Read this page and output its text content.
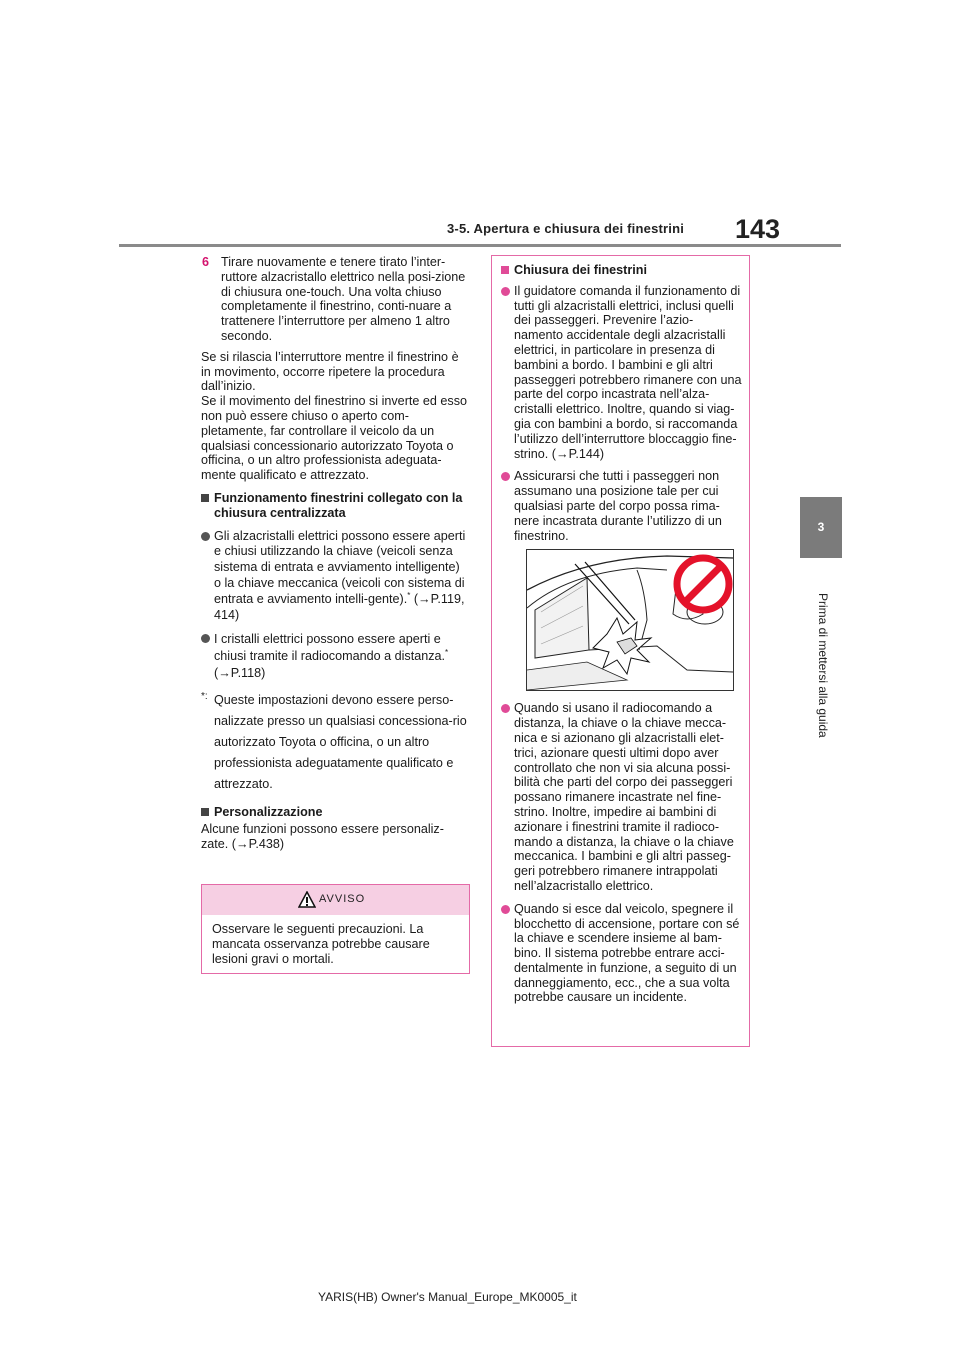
143
3-5. Apertura e chiusura dei finestrini
3
Prima di mettersi alla guida
6 Tirare nuovamente e tenere tirato l’inter-ruttore alzacristallo elettrico nella posi-zione di chiusura one-touch. Una volta chiuso completamente il finestrino, conti-nuare a trattenere l’interruttore per almeno 1 altro secondo.

Se si rilascia l’interruttore mentre il finestrino è in movimento, occorre ripetere la procedura dall’inizio.

Se il movimento del finestrino si inverte ed esso non può essere chiuso o aperto com-pletamente, far controllare il veicolo da un qualsiasi concessionario autorizzato Toyota o officina, o un altro professionista adeguata-mente qualificato e attrezzato.

Funzionamento finestrini collegato con la chiusura centralizzata
Gli alzacristalli elettrici possono essere aperti e chiusi utilizzando la chiave (veicoli senza sistema di entrata e avviamento intelligente) o la chiave meccanica (veicoli con sistema di entrata e avviamento intelli-gente).* (→P.119, 414)
I cristalli elettrici possono essere aperti e chiusi tramite il radiocomando a distanza.*
(→P.118)
*: Queste impostazioni devono essere perso-nalizzate presso un qualsiasi concessiona-rio autorizzato Toyota o officina, o un altro professionista adeguatamente qualificato e attrezzato.
Personalizzazione

Alcune funzioni possono essere personaliz-zate. (→P.438)

AVVISO
Osservare le seguenti precauzioni. La mancata osservanza potrebbe causare lesioni gravi o mortali.
Chiusura dei finestrini
Il guidatore comanda il funzionamento di tutti gli alzacristalli elettrici, inclusi quelli dei passeggeri. Prevenire l’azio-namento accidentale degli alzacristalli elettrici, in particolare in presenza di bambini a bordo. I bambini e gli altri passeggeri potrebbero rimanere con una parte del corpo incastrata nell’alza-cristalli elettrico. Inoltre, quando si viag-gia con bambini a bordo, si raccomanda l’utilizzo dell’interruttore bloccaggio fine-strino. (→P.144)
Assicurarsi che tutti i passeggeri non assumano una posizione tale per cui qualsiasi parte del corpo possa rima-nere incastrata durante l’utilizzo di un finestrino.
Quando si usano il radiocomando a distanza, la chiave o la chiave mecca-nica e si azionano gli alzacristalli elet-trici, azionare questi ultimi dopo aver controllato che non vi sia alcuna possi-bilità che parti del corpo dei passeggeri possano rimanere incastrate nel fine-strino. Inoltre, impedire ai bambini di azionare i finestrini tramite il radioco-mando a distanza, la chiave o la chiave meccanica. I bambini e gli altri passeg-geri potrebbero rimanere intrappolati nell’alzacristallo elettrico.
Quando si esce dal veicolo, spegnere il blocchetto di accensione, portare con sé la chiave e scendere insieme al bam-bino. Il sistema potrebbe entrare acci-dentalmente in funzione, a seguito di un danneggiamento, ecc., che a sua volta potrebbe causare un incidente.
YARIS(HB) Owner's Manual_Europe_MK0005_it
